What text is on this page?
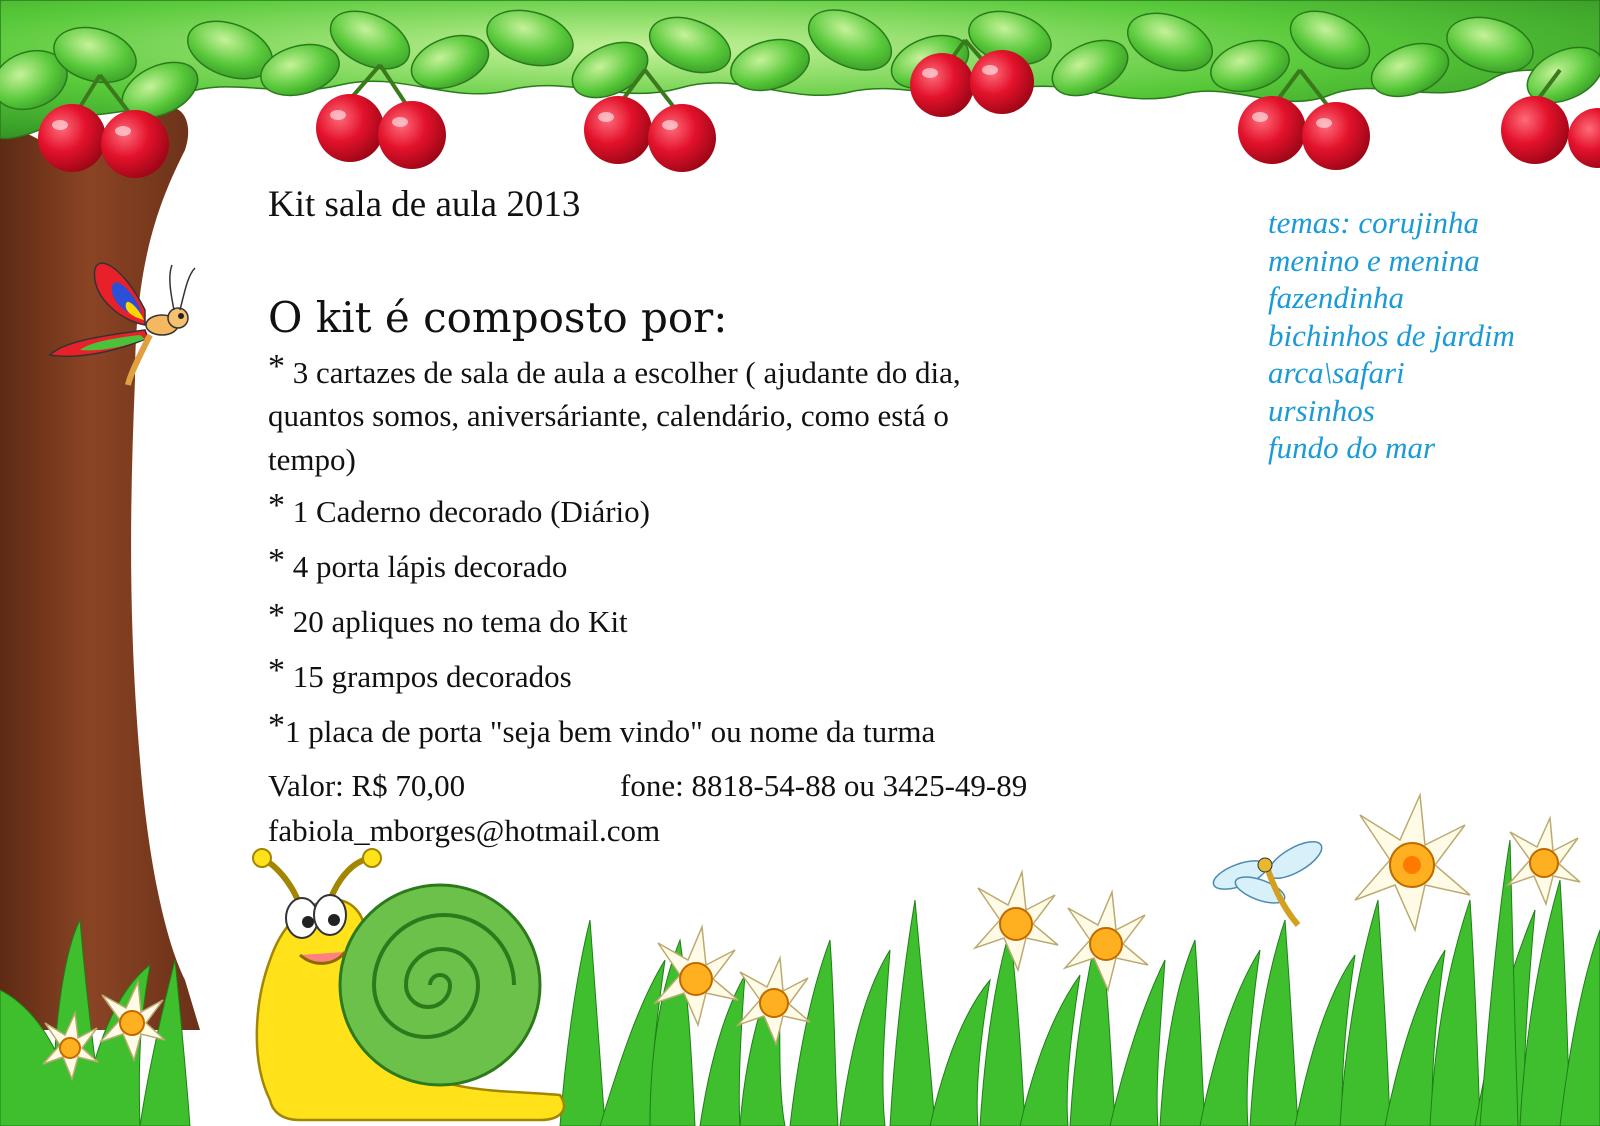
Kit sala de aula 2013
O kit é composto por:
* 3 cartazes de sala de aula a escolher ( ajudante do dia,
quantos somos, aniversáriante, calendário, como está o
tempo)
* 1 Caderno decorado (Diário)
* 4 porta lápis decorado
* 20 apliques no tema do Kit
* 15 grampos decorados
*1 placa de porta "seja bem vindo" ou nome da turma
Valor: R$ 70,00	fone: 8818-54-88 ou 3425-49-89
fabiola_mborges@hotmail.com
temas: corujinha
menino e menina
fazendinha
bichinhos de jardim
arca\safari
ursinhos
fundo do mar
